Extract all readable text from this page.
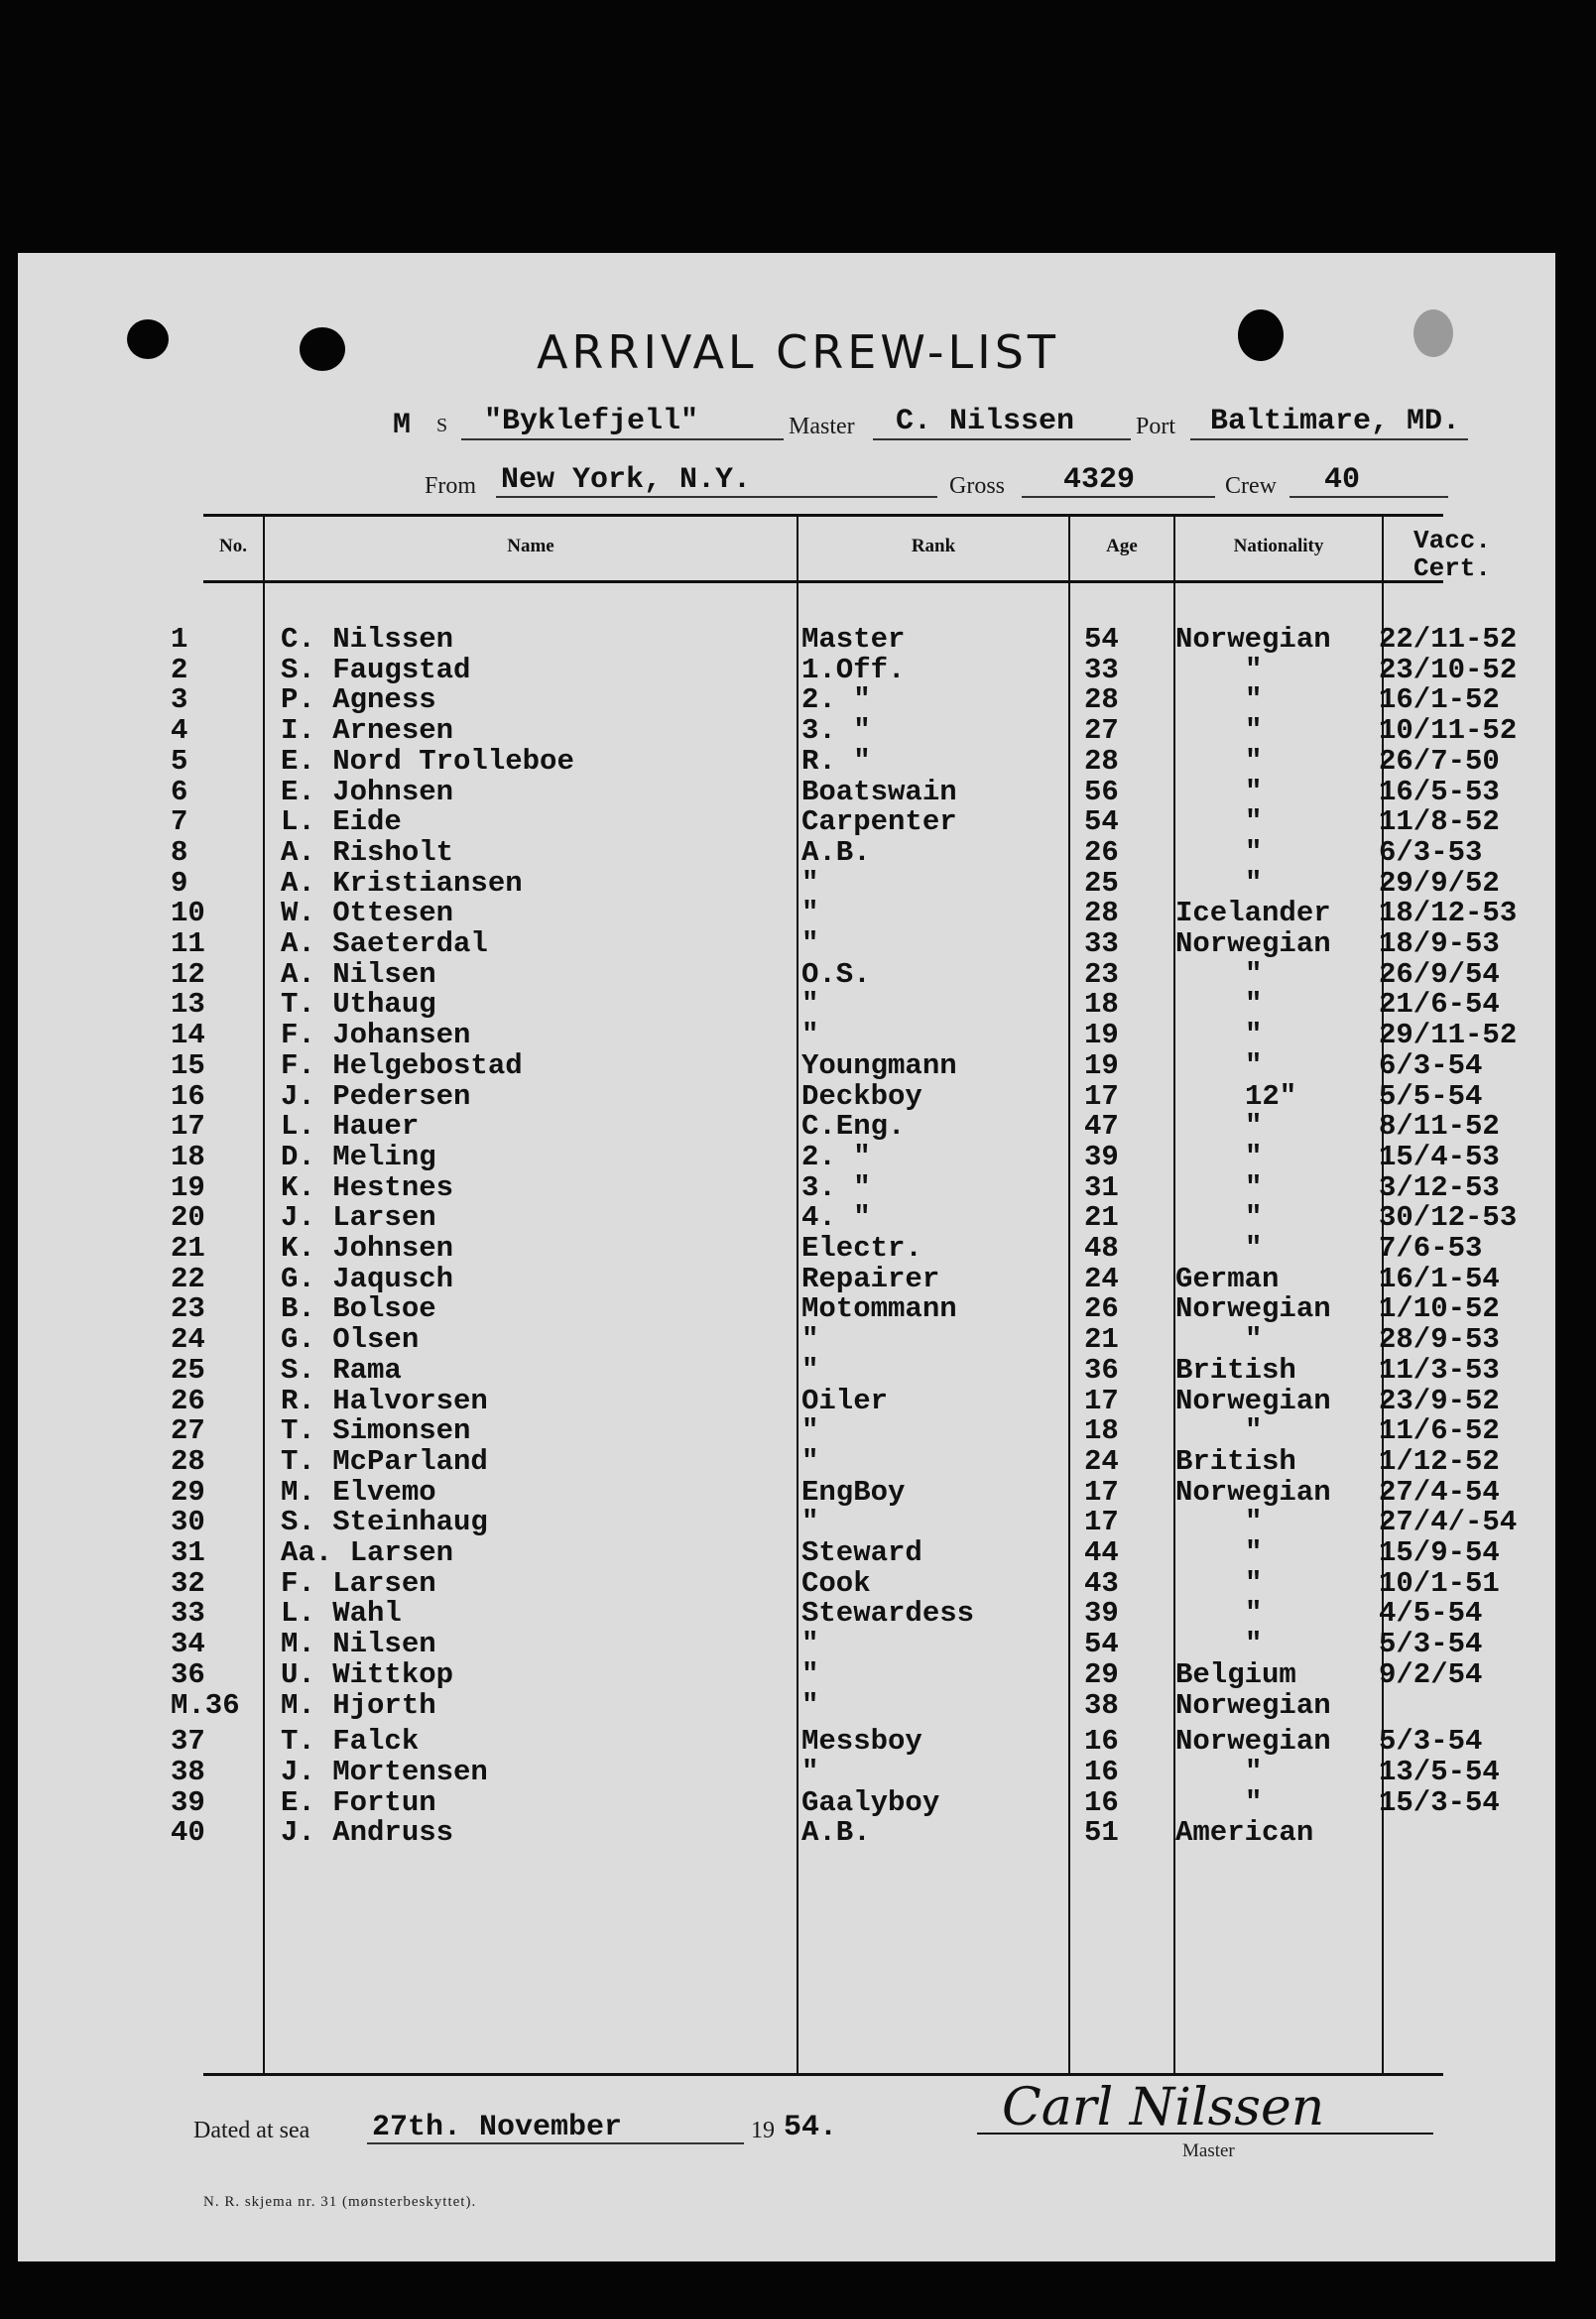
ARRIVAL CREW-LIST
M S "Byklefjell"	Master C. Nilssen	Port Baltimare, MD.
From New York, N.Y.	Gross 4329	Crew 40
No.	Name	Rank	Age	Nationality	Vacc.
Cert.
1	C. Nilssen	Master	54 Norwegian 22/11-52
2	S. Faugstad	1.Off.	33	"	23/10-52
3	P. Agness	2. "	28	"	16/1-52
4	I. Arnesen	3. "	27	"	10/11-52
5	E. Nord Trolleboe	R. "	28	"	26/7-50
6	E. Johnsen	Boatswain	56	"	16/5-53
7	L. Eide	Carpenter	54	"	11/8-52
8	A. Risholt	A.B.	26	"	6/3-53
9	A. Kristiansen	"	25	"	29/9/52
10	W. Ottesen	"	28 Icelander 18/12-53
11	A. Saeterdal	"	33 Norwegian 18/9-53
12	A. Nilsen	O.S.	23	"	26/9/54
13	T. Uthaug	"	18	"	21/6-54
14	F. Johansen	"	19	"	29/11-52
15	F. Helgebostad	Youngmann	19	"	6/3-54
16	J. Pedersen	Deckboy	17	12"	5/5-54
17	L. Hauer	C.Eng.	47	"	8/11-52
18	D. Meling	2. "	39	"	15/4-53
19	K. Hestnes	3. "	31	"	3/12-53
20	J. Larsen	4. "	21	"	30/12-53
21	K. Johnsen	Electr.	48	"	7/6-53
22	G. Jaqusch	Repairer	24 German	16/1-54
23	B. Bolsoe	Motommann	26 Norwegian 1/10-52
24	G. Olsen	"	21	"	28/9-53
25	S. Rama	"	36 British	11/3-53
26	R. Halvorsen	Oiler	17 Norwegian 23/9-52
27	T. Simonsen	"	18	"	11/6-52
28	T. McParland	"	24 British	1/12-52
29	M. Elvemo	EngBoy	17 Norwegian 27/4-54
30	S. Steinhaug	"	17	"	27/4/-54
31	Aa. Larsen	Steward	44	"	15/9-54
32	F. Larsen	Cook	43	"	10/1-51
33	L. Wahl	Stewardess	39	"	4/5-54
34	M. Nilsen	"	54	"	5/3-54
36	U. Wittkop	"	29 Belgium	9/2/54
M.36 M. Hjorth	"	38 Norwegian
37	T. Falck	Messboy	16 Norwegian 5/3-54
38	J. Mortensen	"	16	"	13/5-54
39	E. Fortun	Gaalyboy	16	"	15/3-54
40	J. Andruss	A.B.	51 American
Dated at sea 27th. November	19 54.	Carl Nilssen
Master
N. R. skjema nr. 31 (mønsterbeskyttet).
